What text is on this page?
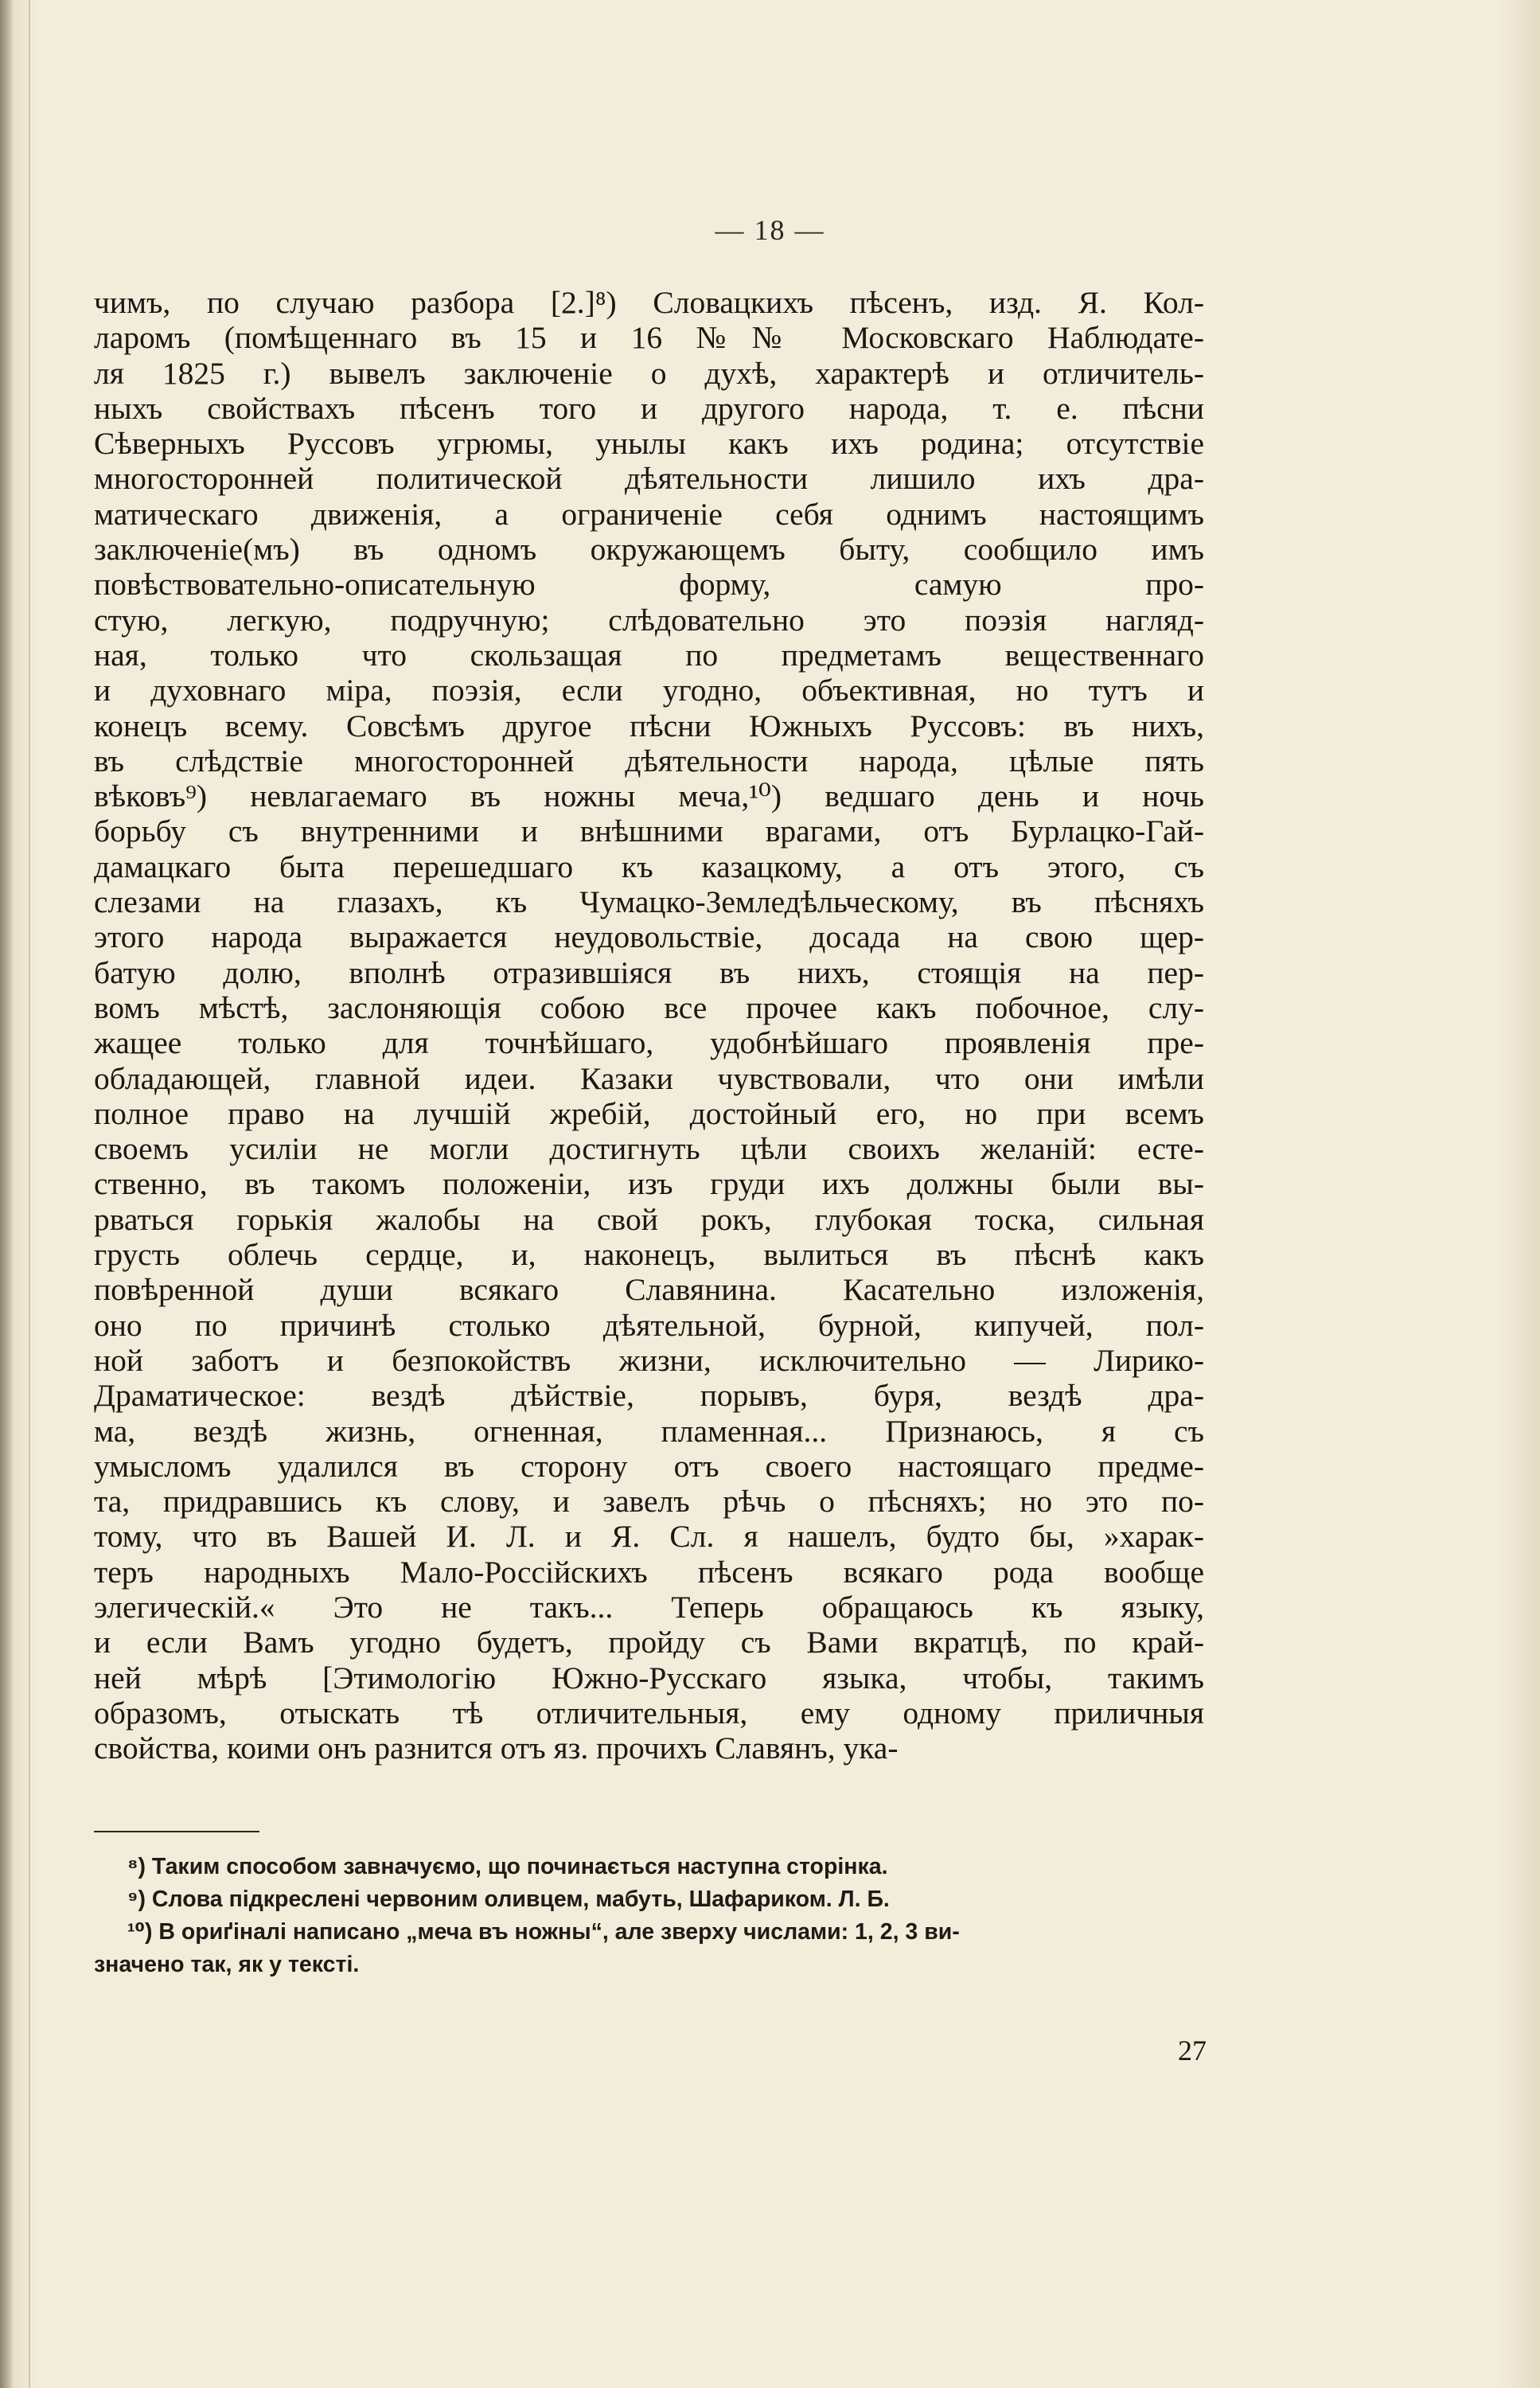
— 18 —
чимъ, по случаю разбора [2.]⁸) Словацкихъ пѣсенъ, изд. Я. Кол-
ларомъ (помѣщеннаго въ 15 и 16 №№ Московскаго Наблюдате-
ля 1825 г.) вывелъ заключеніе о духѣ, характерѣ и отличитель-
ныхъ свойствахъ пѣсенъ того и другого народа, т. е. пѣсни
Сѣверныхъ Руссовъ угрюмы, унылы какъ ихъ родина; отсутствіе
многосторонней политической дѣятельности лишило ихъ дра-
матическаго движенія, а ограниченіе себя однимъ настоящимъ
заключеніе(мъ) въ одномъ окружающемъ быту, сообщило имъ
повѣствовательно-описательную форму, самую про-
стую, легкую, подручную; слѣдовательно это поэзія нагляд-
ная, только что скользащая по предметамъ вещественнаго
и духовнаго міра, поэзія, если угодно, объективная, но тутъ и
конецъ всему. Совсѣмъ другое пѣсни Южныхъ Руссовъ: въ нихъ,
въ слѣдствіе многосторонней дѣятельности народа, цѣлые пять
вѣковъ⁹) невлагаемаго въ ножны меча,¹⁰) ведшаго день и ночь
борьбу съ внутренними и внѣшними врагами, отъ Бурлацко-Гай-
дамацкаго быта перешедшаго къ казацкому, а отъ этого, съ
слезами на глазахъ, къ Чумацко-Земледѣльческому, въ пѣсняхъ
этого народа выражается неудовольствіе, досада на свою щер-
батую долю, вполнѣ отразившіяся въ нихъ, стоящія на пер-
вомъ мѣстѣ, заслоняющія собою все прочее какъ побочное, слу-
жащее только для точнѣйшаго, удобнѣйшаго проявленія пре-
обладающей, главной идеи. Казаки чувствовали, что они имѣли
полное право на лучшій жребій, достойный его, но при всемъ
своемъ усиліи не могли достигнуть цѣли своихъ желаній: есте-
ственно, въ такомъ положеніи, изъ груди ихъ должны были вы-
рваться горькія жалобы на свой рокъ, глубокая тоска, сильная
грусть облечь сердце, и, наконецъ, вылиться въ пѣснѣ какъ
повѣренной души всякаго Славянина. Касательно изложенія,
оно по причинѣ столько дѣятельной, бурной, кипучей, пол-
ной заботъ и безпокойствъ жизни, исключительно — Лирико-
Драматическое: вездѣ дѣйствіе, порывъ, буря, вездѣ дра-
ма, вездѣ жизнь, огненная, пламенная... Признаюсь, я съ
умысломъ удалился въ сторону отъ своего настоящаго предме-
та, придравшись къ слову, и завелъ рѣчь о пѣсняхъ; но это по-
тому, что въ Вашей И. Л. и Я. Сл. я нашелъ, будто бы, »харак-
теръ народныхъ Мало-Россійскихъ пѣсенъ всякаго рода вообще
элегическій.« Это не такъ... Теперь обращаюсь къ языку,
и если Вамъ угодно будетъ, пройду съ Вами вкратцѣ, по край-
ней мѣрѣ [Этимологію Южно-Русскаго языка, чтобы, такимъ
образомъ, отыскать тѣ отличительныя, ему одному приличныя
свойства, коими онъ разнится отъ яз. прочихъ Славянъ, ука-
⁸) Таким способом завначуємо, що починається наступна сторінка.
⁹) Слова підкреслені червоним оливцем, мабуть, Шафариком. Л. Б.
¹⁰) В ориґіналі написано „меча въ ножны“, але зверху числами: 1, 2, 3 ви-
значено так, як у тексті.
27
